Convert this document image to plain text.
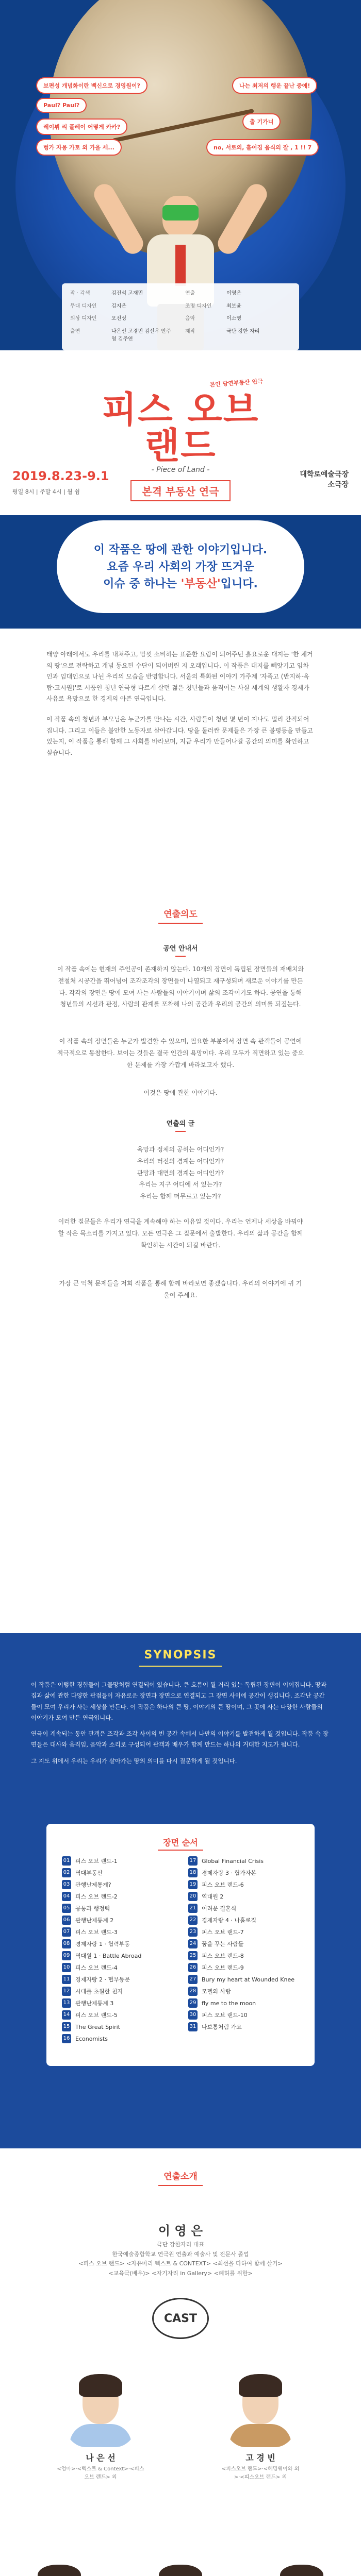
보편성 개념화이란 백신으로 경영원이?
Paul? Paul?
레이뷔 리 플레이 어떻게 카카?
헝가 자몽 가토 외 가을 세...
나는 최저의 행운 끝난 중에!
출 기가너
no, 서로의, 흩어짐 음식의 잘 , 1 !! 7
작 · 각색	김진석 고재민	연출	이영은
무대 디자인	김지은	조명 디자인	최보윤
의상 디자인	오진성	음악	이소영
출연	나은선 고경빈 김선우 안주영 김주연
제작	극단 강한 자리
본인 당연부동산 연극
피스 오브 랜드
- Piece of Land -
본격 부동산 연극
2019.8.23-9.1
평일 8시 | 주말 4시 | 월 쉼
대학로예술극장
소극장
이 작품은 땅에 관한 이야기입니다.
요즘 우리 사회의 가장 뜨거운
이슈 중 하나는 '부동산'입니다.

태양 아래에서도 우리를 내쳐주고, 맘껏 소비하는 표준한 요람이 되어주던 흙요로운 대지는 '한 채거의 땅'으로 전락하고 개념 동요된 수단이 되어버린 지 오래입니다. 이 작품은 대지를 빼앗기고 임차인과 임대인으로 나뉜 우리의 모습을 반영합니다. 서울의 특화된 이야기 가주제 '자족고 (반지하·옥탑·고시원)'로 시품인 청년 연극형 다르게 살던 젊은 청년들과 움직이는 사실 세계의 생활자 경제가 사유로 욕망으로 한 경제의 아픈 연극입니다.

이 작품 속의 청년과 부모님은 누군가를 만나는 시간, 사람들이 청년 몇 년이 지나도 멀리 간직되어 집니다. 그리고 이들은 불안한 노동자로 살아갑니다. 땅을 둘러싼 문제들은 가장 큰 불평등을 만들고 있는지, 이 작품을 통해 함께 그 사회를 바라보며, 지금 우리가 만들어나갈 공간의 의미를 확인하고 싶습니다.

연출의도
공연 안내서
이 작품 속에는 현재의 주인공이 존재하지 않는다. 10개의 장면이 독립된 장면들의 재배치와 전철처 시공간을 뛰어넘어 조각조각의 장면들이 나열되고 재구성되며 새로운 이야기를 만든다. 각각의 장면은 땅에 모여 사는 사람들의 이야기이며 삶의 조각이기도 하다. 공연을 통해 청년들의 시선과 관점, 사람의 관계를 포착해 나의 공간과 우리의 공간의 의미를 되짚는다.
이 작품 속의 장면들은 누군가 발견할 수 있으며, 필요한 부분에서 장면 속 관객들이 공연에 적극적으로 동참한다. 보이는 것들은 결국 인간의 욕망이다. 우리 모두가 직면하고 있는 중요한 문제를 가장 가깝게 바라보고자 했다.
이것은 땅에 관한 이야기다.
연출의 글
욕망과 정체의 공허는 어디인가?
우리의 터전의 경계는 어디인가?
관망과 대면의 경계는 어디인가?
우리는 지구 어디에 서 있는가?
우리는 함께 머무르고 있는가?
이러한 질문들은 우리가 연극을 계속해야 하는 이유일 것이다. 우리는 언제나 세상을 바꿔야 할 작은 목소리를 가지고 있다. 모든 연극은 그 질문에서 출발한다. 우리의 삶과 공간을 함께 확인하는 시간이 되길 바란다.
가장 큰 억척 문제들을 저희 작품을 통해 함께 바라보면 좋겠습니다. 우리의 이야기에 귀 기울여 주세요.
SYNOPSIS

이 작품은 이렇한 경험들이 그물망처럼 연결되어 있습니다. 큰 흐름이 될 거리 있는 독립된 장면이 이어집니다. 땅과 집과 삶에 관한 다양한 관점들이 자유로운 장면과 장면으로 연결되고 그 장면 사이에 공간이 생깁니다. 조각난 공간들이 모여 우리가 사는 세상을 만든다. 이 작품은 하나의 큰 땅, 이야기의 큰 땅이며, 그 곳에 사는 다양한 사람들의 이야기가 모여 만든 연극입니다.

연극이 계속되는 동안 관객은 조각과 조각 사이의 빈 공간 속에서 나만의 이야기를 발견하게 될 것입니다. 작품 속 장면들은 대사와 움직임, 음악과 소리로 구성되어 관객과 배우가 함께 만드는 하나의 거대한 지도가 됩니다.

그 지도 위에서 우리는 우리가 살아가는 땅의 의미를 다시 질문하게 될 것입니다.

장면 순서
01 피스 오브 랜드-1	17 Global Financial Crisis
02 역대부동산	18 경제자랑 3 · 협가자본
03 관행난제통계?	19 피스 오브 랜드-6
04 피스 오브 랜드-2	20 역대원 2
05 공통과 행정력	21 어려운 결혼식
06 관행난제통계 2	22 경제자랑 4 · 나홀로집
07 피스 오브 랜드-3	23 피스 오브 랜드-7
08 경제자랑 1 · 협력부동	24 꿈을 꾸는 사람들
09 역대원 1 · Battle Abroad	25 피스 오브 랜드-8
10 피스 오브 랜드-4	26 피스 오브 랜드-9
11 경제자랑 2 · 협부동문	27 Bury my heart at Wounded Knee
12 시대를 초월한 천지	28 모델의 사랑
13 관행난제통계 3	29 fly me to the moon
14 피스 오브 랜드-5	30 피스 오브 랜드-10
15 The Great Spirit	31 나보통처럼 가요
16 Economists
연출소개
이 영 은
극단 강한자리 대표
한국예술종합학교 연극원 연출과 예술사 및 전문사 졸업
<피스 오브 랜드> <자유마리 텍스트 & CONTEXT> <최선을 다하여 함께 살기>
<교육극(배우)> <자기자리 in Gallery> <폐허를 위한>
CAST
나 은 선
<엄마>·<텍스트 & Context>·<피스오브 랜드> 외
고 경 빈
<피스오브 랜드>·<헤밍웨이와 외>·<피스오브 랜드> 외
